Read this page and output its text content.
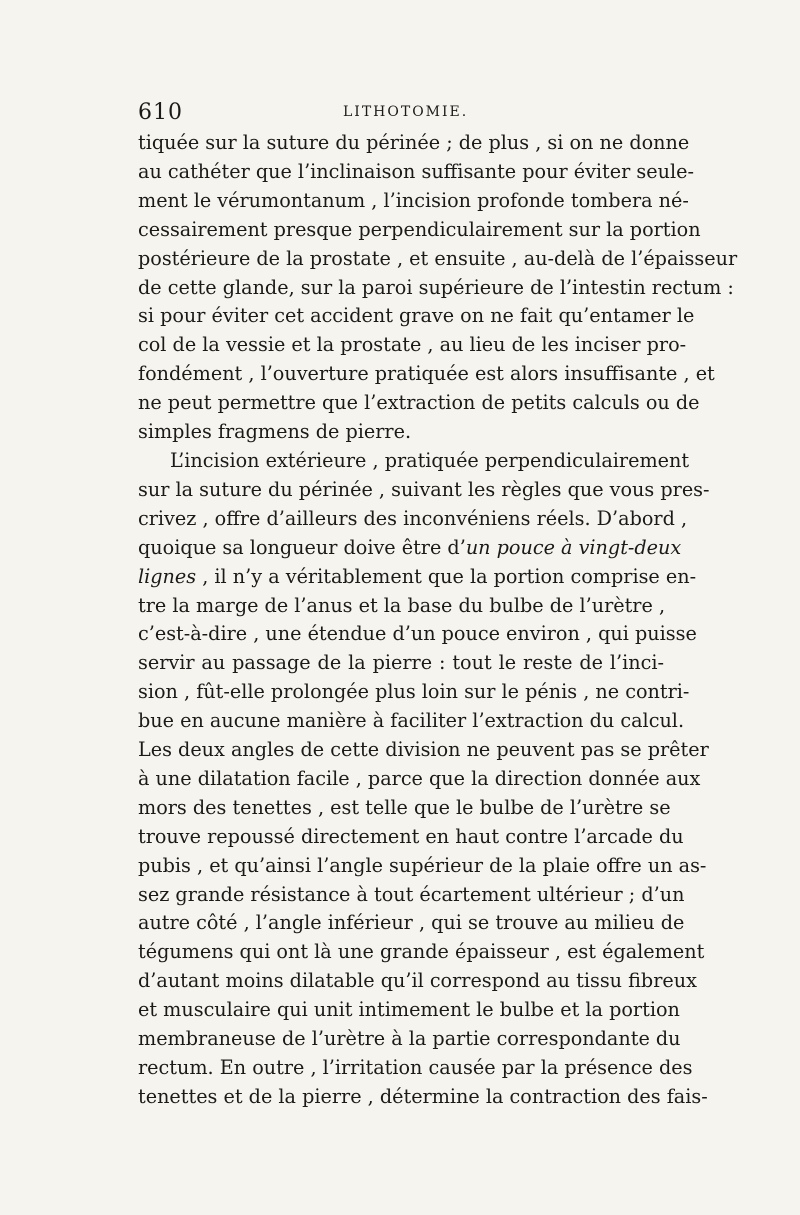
610	LITHOTOMIE.
tiquée sur la suture du périnée ; de plus , si on ne donne
au cathéter que l’inclinaison suffisante pour éviter seule-
ment le vérumontanum , l’incision profonde tombera né-
cessairement presque perpendiculairement sur la portion
postérieure de la prostate , et ensuite , au-delà de l’épaisseur
de cette glande, sur la paroi supérieure de l’intestin rectum :
si pour éviter cet accident grave on ne fait qu’entamer le
col de la vessie et la prostate , au lieu de les inciser pro-
fondément , l’ouverture pratiquée est alors insuffisante , et
ne peut permettre que l’extraction de petits calculs ou de
simples fragmens de pierre.
L’incision extérieure , pratiquée perpendiculairement
sur la suture du périnée , suivant les règles que vous pres-
crivez , offre d’ailleurs des inconvéniens réels. D’abord ,
quoique sa longueur doive être d’un pouce à vingt-deux
lignes , il n’y a véritablement que la portion comprise en-
tre la marge de l’anus et la base du bulbe de l’urètre ,
c’est-à-dire , une étendue d’un pouce environ , qui puisse
servir au passage de la pierre : tout le reste de l’inci-
sion , fût-elle prolongée plus loin sur le pénis , ne contri-
bue en aucune manière à faciliter l’extraction du calcul.
Les deux angles de cette division ne peuvent pas se prêter
à une dilatation facile , parce que la direction donnée aux
mors des tenettes , est telle que le bulbe de l’urètre se
trouve repoussé directement en haut contre l’arcade du
pubis , et qu’ainsi l’angle supérieur de la plaie offre un as-
sez grande résistance à tout écartement ultérieur ; d’un
autre côté , l’angle inférieur , qui se trouve au milieu de
tégumens qui ont là une grande épaisseur , est également
d’autant moins dilatable qu’il correspond au tissu fibreux
et musculaire qui unit intimement le bulbe et la portion
membraneuse de l’urètre à la partie correspondante du
rectum. En outre , l’irritation causée par la présence des
tenettes et de la pierre , détermine la contraction des fais-
